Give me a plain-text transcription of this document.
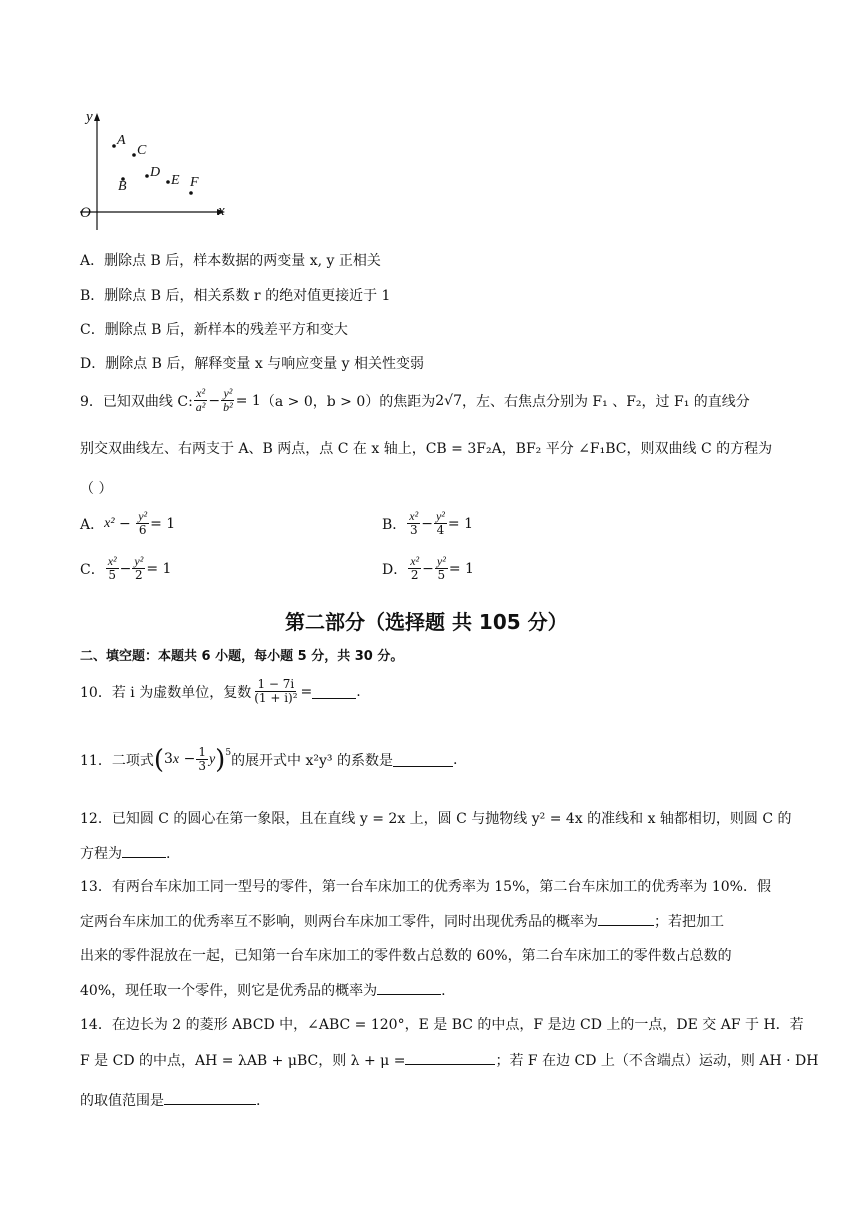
y
x
O
A
C
D
E F
B
A．删除点 B 后，样本数据的两变量 x, y 正相关
B．删除点 B 后，相关系数 r 的绝对值更接近于 1
C．删除点 B 后，新样本的残差平方和变大
D．删除点 B 后，解释变量 x 与响应变量 y 相关性变弱
9．已知双曲线 C: $\frac{\text{x²}}{\text{a²}} - \frac{\text{y²}}{\text{b²}} = 1$ （a > 0，b > 0）的焦距为 2√7 ，左、右焦点分别为 F₁ 、F₂，过 F₁ 的直线分
别交双曲线左、右两支于 A、B 两点，点 C 在 x 轴上，CB = 3F₂A，BF₂ 平分 ∠F₁BC，则双曲线 C 的方程为
（ ）
A． $x^2 - \frac{\text{y²}}{6} = 1$	B． $\frac{\text{x²}}{3} - \frac{\text{y²}}{4} = 1$
C． $\frac{\text{x²}}{5} - \frac{\text{y²}}{2} = 1$	D． $\frac{\text{x²}}{2} - \frac{\text{y²}}{5} = 1$
第二部分（选择题 共 105 分）
二、填空题：本题共 6 小题，每小题 5 分，共 30 分。
10．若 i 为虚数单位，复数 $\frac{1 - 7i}{\text{(1 + i)²}}$ =	.
11．二项式 ( $3x - \frac{1}{3}$ y )$^5$ 的展开式中 x²y³ 的系数是	.
12．已知圆 C 的圆心在第一象限，且在直线 y = 2x 上，圆 C 与抛物线 y² = 4x 的准线和 x 轴都相切，则圆 C 的
方程为	.
13．有两台车床加工同一型号的零件，第一台车床加工的优秀率为 15%，第二台车床加工的优秀率为 10%．假
定两台车床加工的优秀率互不影响，则两台车床加工零件，同时出现优秀品的概率为	；若把加工
出来的零件混放在一起，已知第一台车床加工的零件数占总数的 60%，第二台车床加工的零件数占总数的
40%，现任取一个零件，则它是优秀品的概率为	.
14．在边长为 2 的菱形 ABCD 中，∠ABC = 120°，E 是 BC 的中点，F 是边 CD 上的一点，DE 交 AF 于 H．若
F 是 CD 的中点，AH = λAB + μBC，则 λ + μ =	；若 F 在边 CD 上（不含端点）运动，则 AH · DH
的取值范围是	.
